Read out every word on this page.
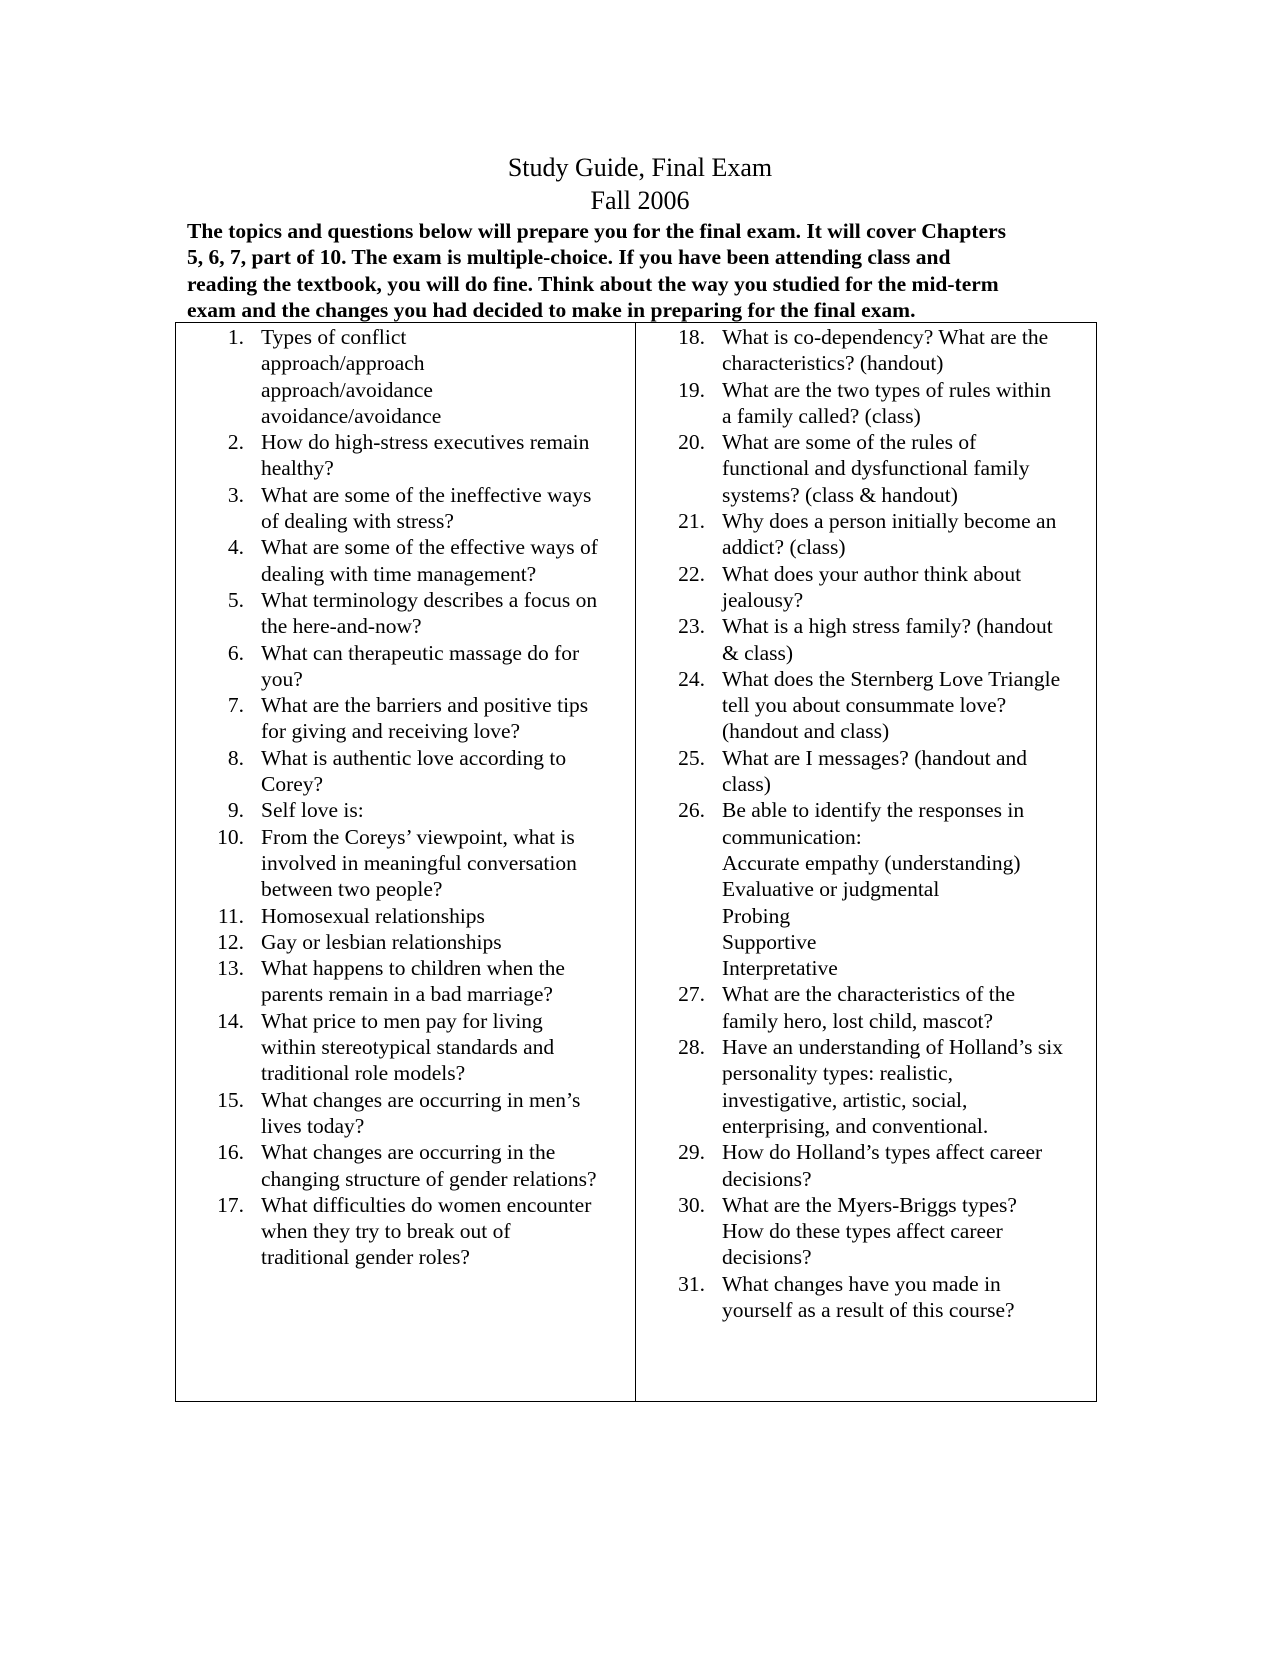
Study Guide, Final Exam
Fall 2006
The topics and questions below will prepare you for the final exam. It will cover Chapters
5, 6, 7, part of 10. The exam is multiple-choice. If you have been attending class and
reading the textbook, you will do fine. Think about the way you studied for the mid-term
exam and the changes you had decided to make in preparing for the final exam.
1. Types of conflict
approach/approach
approach/avoidance
avoidance/avoidance
2. How do high-stress executives remain
healthy?
3. What are some of the ineffective ways
of dealing with stress?
4. What are some of the effective ways of
dealing with time management?
5. What terminology describes a focus on
the here-and-now?
6. What can therapeutic massage do for
you?
7. What are the barriers and positive tips
for giving and receiving love?
8. What is authentic love according to
Corey?
9. Self love is:
10. From the Coreys’ viewpoint, what is
involved in meaningful conversation
between two people?
11. Homosexual relationships
12. Gay or lesbian relationships
13. What happens to children when the
parents remain in a bad marriage?
14. What price to men pay for living
within stereotypical standards and
traditional role models?
15. What changes are occurring in men’s
lives today?
16. What changes are occurring in the
changing structure of gender relations?
17. What difficulties do women encounter
when they try to break out of
traditional gender roles?
18. What is co-dependency? What are the
characteristics? (handout)
19. What are the two types of rules within
a family called? (class)
20. What are some of the rules of
functional and dysfunctional family
systems? (class & handout)
21. Why does a person initially become an
addict? (class)
22. What does your author think about
jealousy?
23. What is a high stress family? (handout
& class)
24. What does the Sternberg Love Triangle
tell you about consummate love?
(handout and class)
25. What are I messages? (handout and
class)
26. Be able to identify the responses in
communication:
Accurate empathy (understanding)
Evaluative or judgmental
Probing
Supportive
Interpretative
27. What are the characteristics of the
family hero, lost child, mascot?
28. Have an understanding of Holland’s six
personality types: realistic,
investigative, artistic, social,
enterprising, and conventional.
29. How do Holland’s types affect career
decisions?
30. What are the Myers-Briggs types?
How do these types affect career
decisions?
31. What changes have you made in
yourself as a result of this course?
